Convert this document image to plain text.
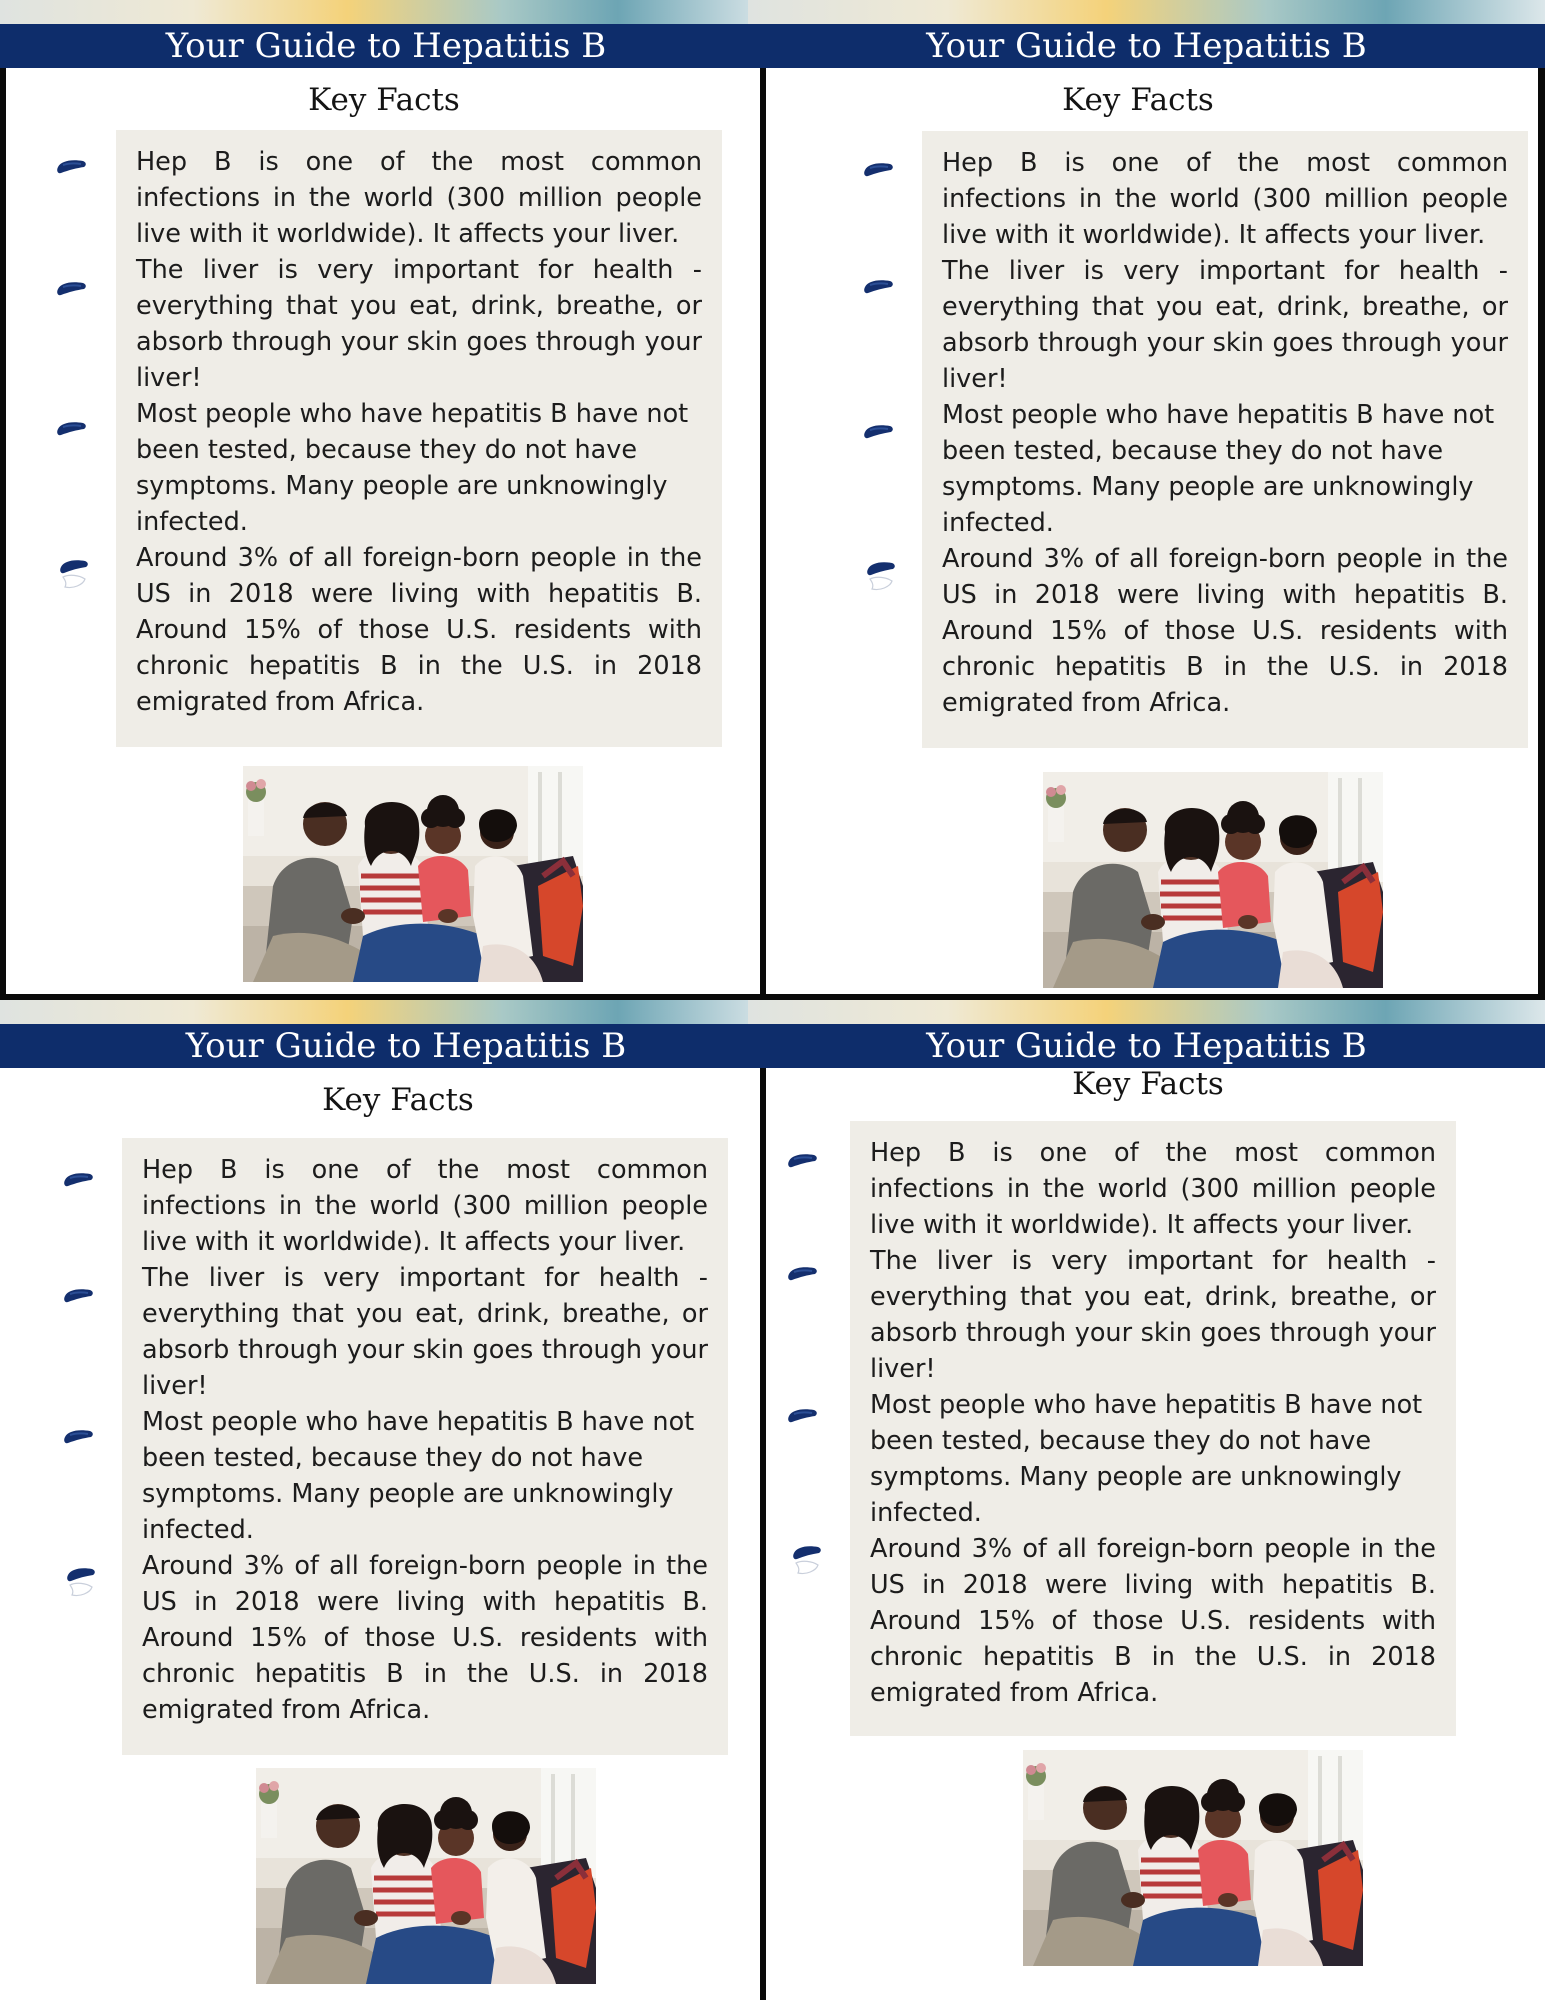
Your Guide to Hepatitis B
Key Facts

Hep B is one of the most common infections in the world (300 million people live with it worldwide). It affects your liver.

The liver is very important for health - everything that you eat, drink, breathe, or absorb through your skin goes through your liver!

Most people who have hepatitis B have not been tested, because they do not have symptoms. Many people are unknowingly infected.

Around 3% of all foreign-born people in the US in 2018 were living with hepatitis B. Around 15% of those U.S. residents with chronic hepatitis B in the U.S. in 2018 emigrated from Africa.

Your Guide to Hepatitis B
Key Facts

Hep B is one of the most common infections in the world (300 million people live with it worldwide). It affects your liver.

The liver is very important for health - everything that you eat, drink, breathe, or absorb through your skin goes through your liver!

Most people who have hepatitis B have not been tested, because they do not have symptoms. Many people are unknowingly infected.

Around 3% of all foreign-born people in the US in 2018 were living with hepatitis B. Around 15% of those U.S. residents with chronic hepatitis B in the U.S. in 2018 emigrated from Africa.

Your Guide to Hepatitis B
Key Facts

Hep B is one of the most common infections in the world (300 million people live with it worldwide). It affects your liver.

The liver is very important for health - everything that you eat, drink, breathe, or absorb through your skin goes through your liver!

Most people who have hepatitis B have not been tested, because they do not have symptoms. Many people are unknowingly infected.

Around 3% of all foreign-born people in the US in 2018 were living with hepatitis B. Around 15% of those U.S. residents with chronic hepatitis B in the U.S. in 2018 emigrated from Africa.

Your Guide to Hepatitis B
Key Facts

Hep B is one of the most common infections in the world (300 million people live with it worldwide). It affects your liver.

The liver is very important for health - everything that you eat, drink, breathe, or absorb through your skin goes through your liver!

Most people who have hepatitis B have not been tested, because they do not have symptoms. Many people are unknowingly infected.

Around 3% of all foreign-born people in the US in 2018 were living with hepatitis B. Around 15% of those U.S. residents with chronic hepatitis B in the U.S. in 2018 emigrated from Africa.
